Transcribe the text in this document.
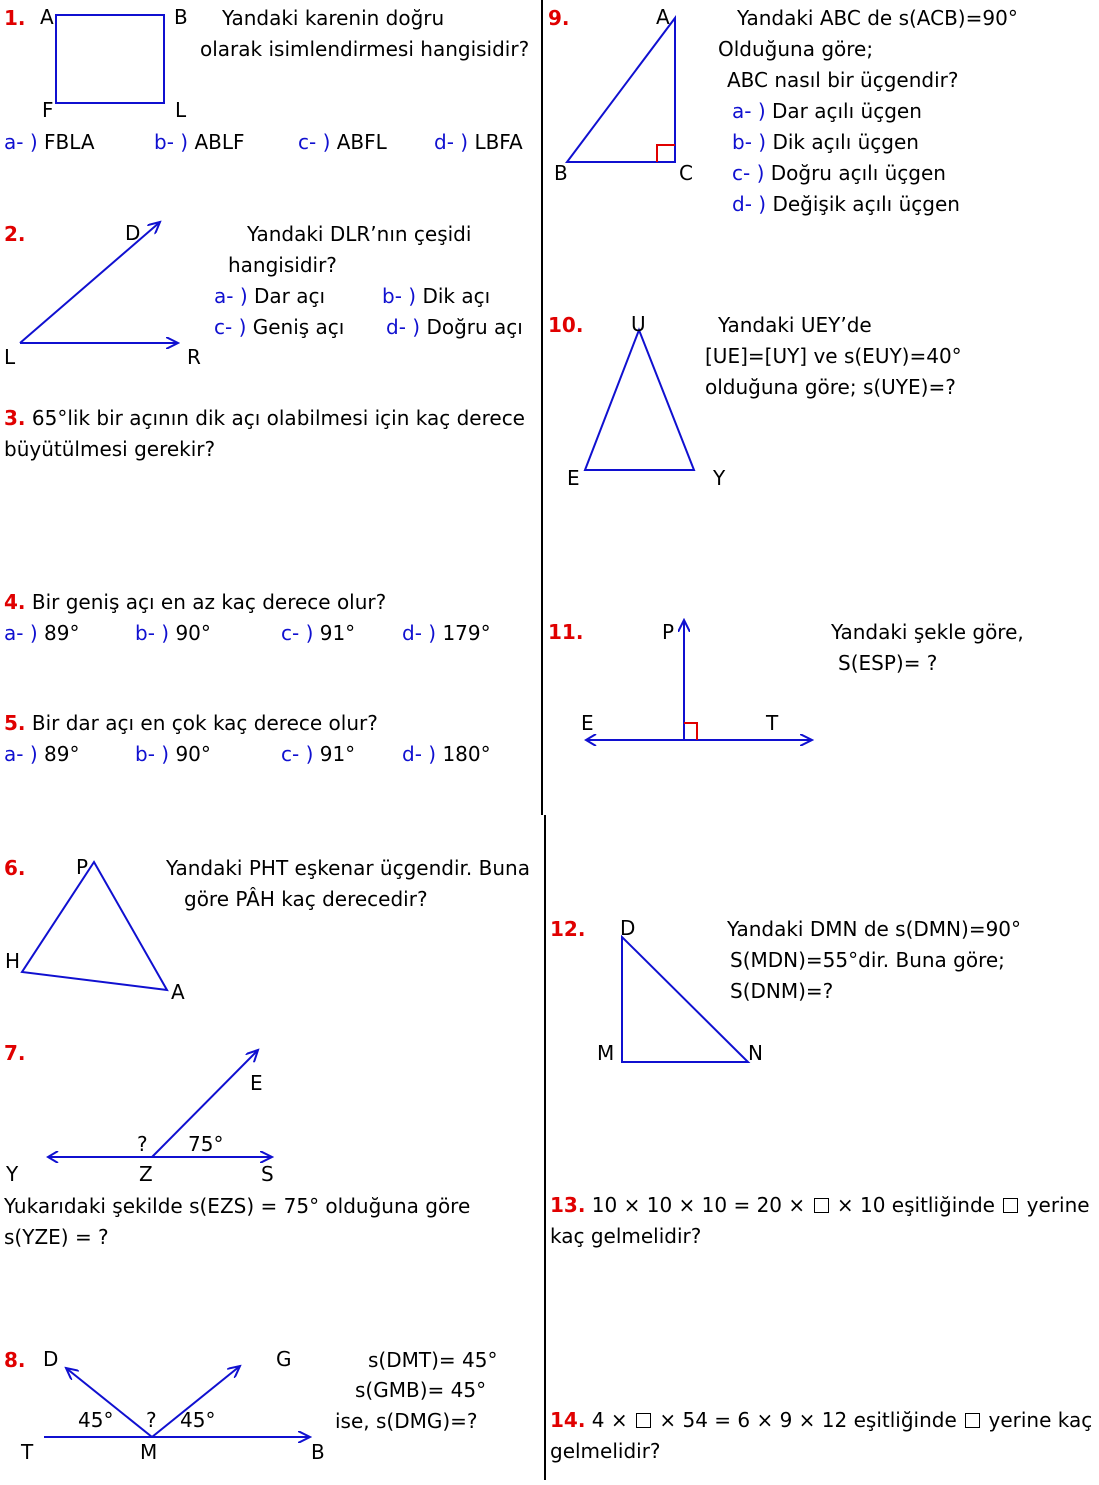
1. A	B
F	L
Yandaki karenin doğru
olarak isimlendirmesi hangisidir?
a- ) FBLA	b- ) ABLF	c- ) ABFL d- ) LBFA
2.	D
L	R
Yandaki DLR’nın çeşidi
hangisidir?
a- ) Dar açı	b- ) Dik açı
c- ) Geniş açı d- ) Doğru açı
3. 65°lik bir açının dik açı olabilmesi için kaç derece
büyütülmesi gerekir?
4. Bir geniş açı en az kaç derece olur?
a- ) 89°	b- ) 90°	c- ) 91° d- ) 179°
5. Bir dar açı en çok kaç derece olur?
a- ) 89°	b- ) 90°	c- ) 91° d- ) 180°
6.	P
H
A
Yandaki PHT eşkenar üçgendir. Buna
göre PÂH kaç derecedir?
7.
E
? 75°
Y	Z	S
Yukarıdaki şekilde s(EZS) = 75° olduğuna göre
s(YZE) = ?
8. D	G
45° ? 45°
T	M	B
s(DMT)= 45°
s(GMB)= 45°
ise, s(DMG)=?
9.	A
B	C
Yandaki ABC de s(ACB)=90°
Olduğuna göre;
ABC nasıl bir üçgendir?
a- ) Dar açılı üçgen
b- ) Dik açılı üçgen
c- ) Doğru açılı üçgen
d- ) Değişik açılı üçgen
10. U
E	Y
Yandaki UEY’de
[UE]=[UY] ve s(EUY)=40°
olduğuna göre; s(UYE)=?
11.	P
E	T
Yandaki şekle göre,
S(ESP)= ?
12. D
M	N
Yandaki DMN de s(DMN)=90°
S(MDN)=55°dir. Buna göre;
S(DNM)=?
13. 10 × 10 × 10 = 20 × × 10 eşitliğinde yerine
kaç gelmelidir?
14. 4 × × 54 = 6 × 9 × 12 eşitliğinde yerine kaç
gelmelidir?
